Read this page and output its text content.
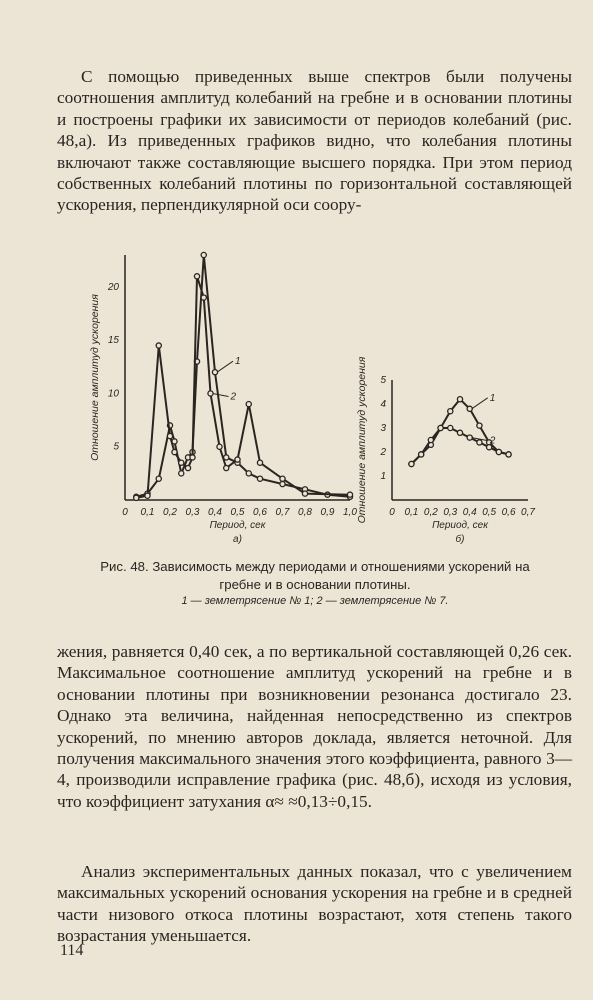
С помощью приведенных выше спектров были получены соотношения амплитуд колебаний на гребне и в основании плотины и построены графики их зависимости от периодов колебаний (рис. 48,а). Из приведенных графиков видно, что колебания плотины включают также составляющие высшего порядка. При этом период собственных колебаний плотины по горизонтальной составляющей ускорения, перпендикулярной оси соору-

0 0,1 0,2 0,3 0,4 0,5 0,6 0,7 0,8 0,9 1,0
5
10
15
20
Отношение амплитуд ускорения
Период, сек
а)
1
2
0 0,1 0,2 0,3 0,4 0,5 0,6 0,7
1
2
3
4
5
Отношение амплитуд ускорения
Период, сек
б)
1
2

Рис. 48. Зависимость между периодами и отношениями ускорений на гребне и в основании плотины.

1 — землетрясение № 1; 2 — землетрясение № 7.

жения, равняется 0,40 сек, а по вертикальной составляющей 0,26 сек. Максимальное соотношение амплитуд ускорений на гребне и в основании плотины при возникновении резонанса достигало 23. Однако эта величина, найденная непосредственно из спектров ускорений, по мнению авторов доклада, является неточной. Для получения максимального значения этого коэффициента, равного 3—4, производили исправление графика (рис. 48,б), исходя из условия, что коэффициент затухания α≈ ≈0,13÷0,15.

Анализ экспериментальных данных показал, что с увеличением максимальных ускорений основания ускорения на гребне и в средней части низового откоса плотины возрастают, хотя степень такого возрастания уменьшается.

114
